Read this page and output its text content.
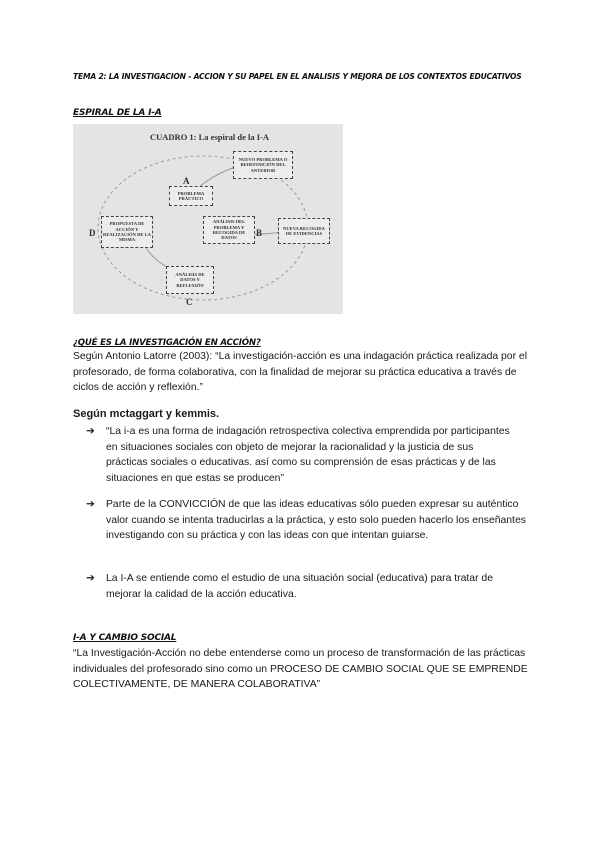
TEMA 2: LA INVESTIGACION - ACCION Y SU PAPEL EN EL ANALISIS Y MEJORA DE LOS CONTEXTOS EDUCATIVOS
ESPIRAL DE LA I-A
CUADRO 1: La espiral de la I-A
NUEVO PROBLEMA O REDEFINICIÓN DEL ANTERIOR
PROBLEMA PRÁCTICO
PROPUESTA DE ACCIÓN Y REALIZACIÓN DE LA MISMA
ANÁLISIS DEL PROBLEMA Y RECOGIDA DE DATOS
NUEVA RECOGIDA DE EVIDENCIAS
ANÁLISIS DE DATOS Y REFLEXIÓN
A
B
C
D
¿QUÉ ES LA INVESTIGACIÓN EN ACCIÓN?
Según Antonio Latorre (2003): “La investigación-acción es una indagación práctica realizada por el profesorado, de forma colaborativa, con la finalidad de mejorar su práctica educativa a través de ciclos de acción y reflexión.”
Según mctaggart y kemmis.
➔ “La i-a es una forma de indagación retrospectiva colectiva emprendida por participantes en situaciones sociales con objeto de mejorar la racionalidad y la justicia de sus prácticas sociales o educativas. así como su comprensión de esas prácticas y de las situaciones en que estas se producen”
➔ Parte de la CONVICCIÓN de que las ideas educativas sólo pueden expresar su auténtico valor cuando se intenta traducirlas a la práctica, y esto solo pueden hacerlo los enseñantes investigando con su práctica y con las ideas con que intentan guiarse.
➔ La I-A se entiende como el estudio de una situación social (educativa) para tratar de mejorar la calidad de la acción educativa.
I-A Y CAMBIO SOCIAL
“La Investigación-Acción no debe entenderse como un proceso de transformación de las prácticas individuales del profesorado sino como un PROCESO DE CAMBIO SOCIAL QUE SE EMPRENDE COLECTIVAMENTE, DE MANERA COLABORATIVA”
